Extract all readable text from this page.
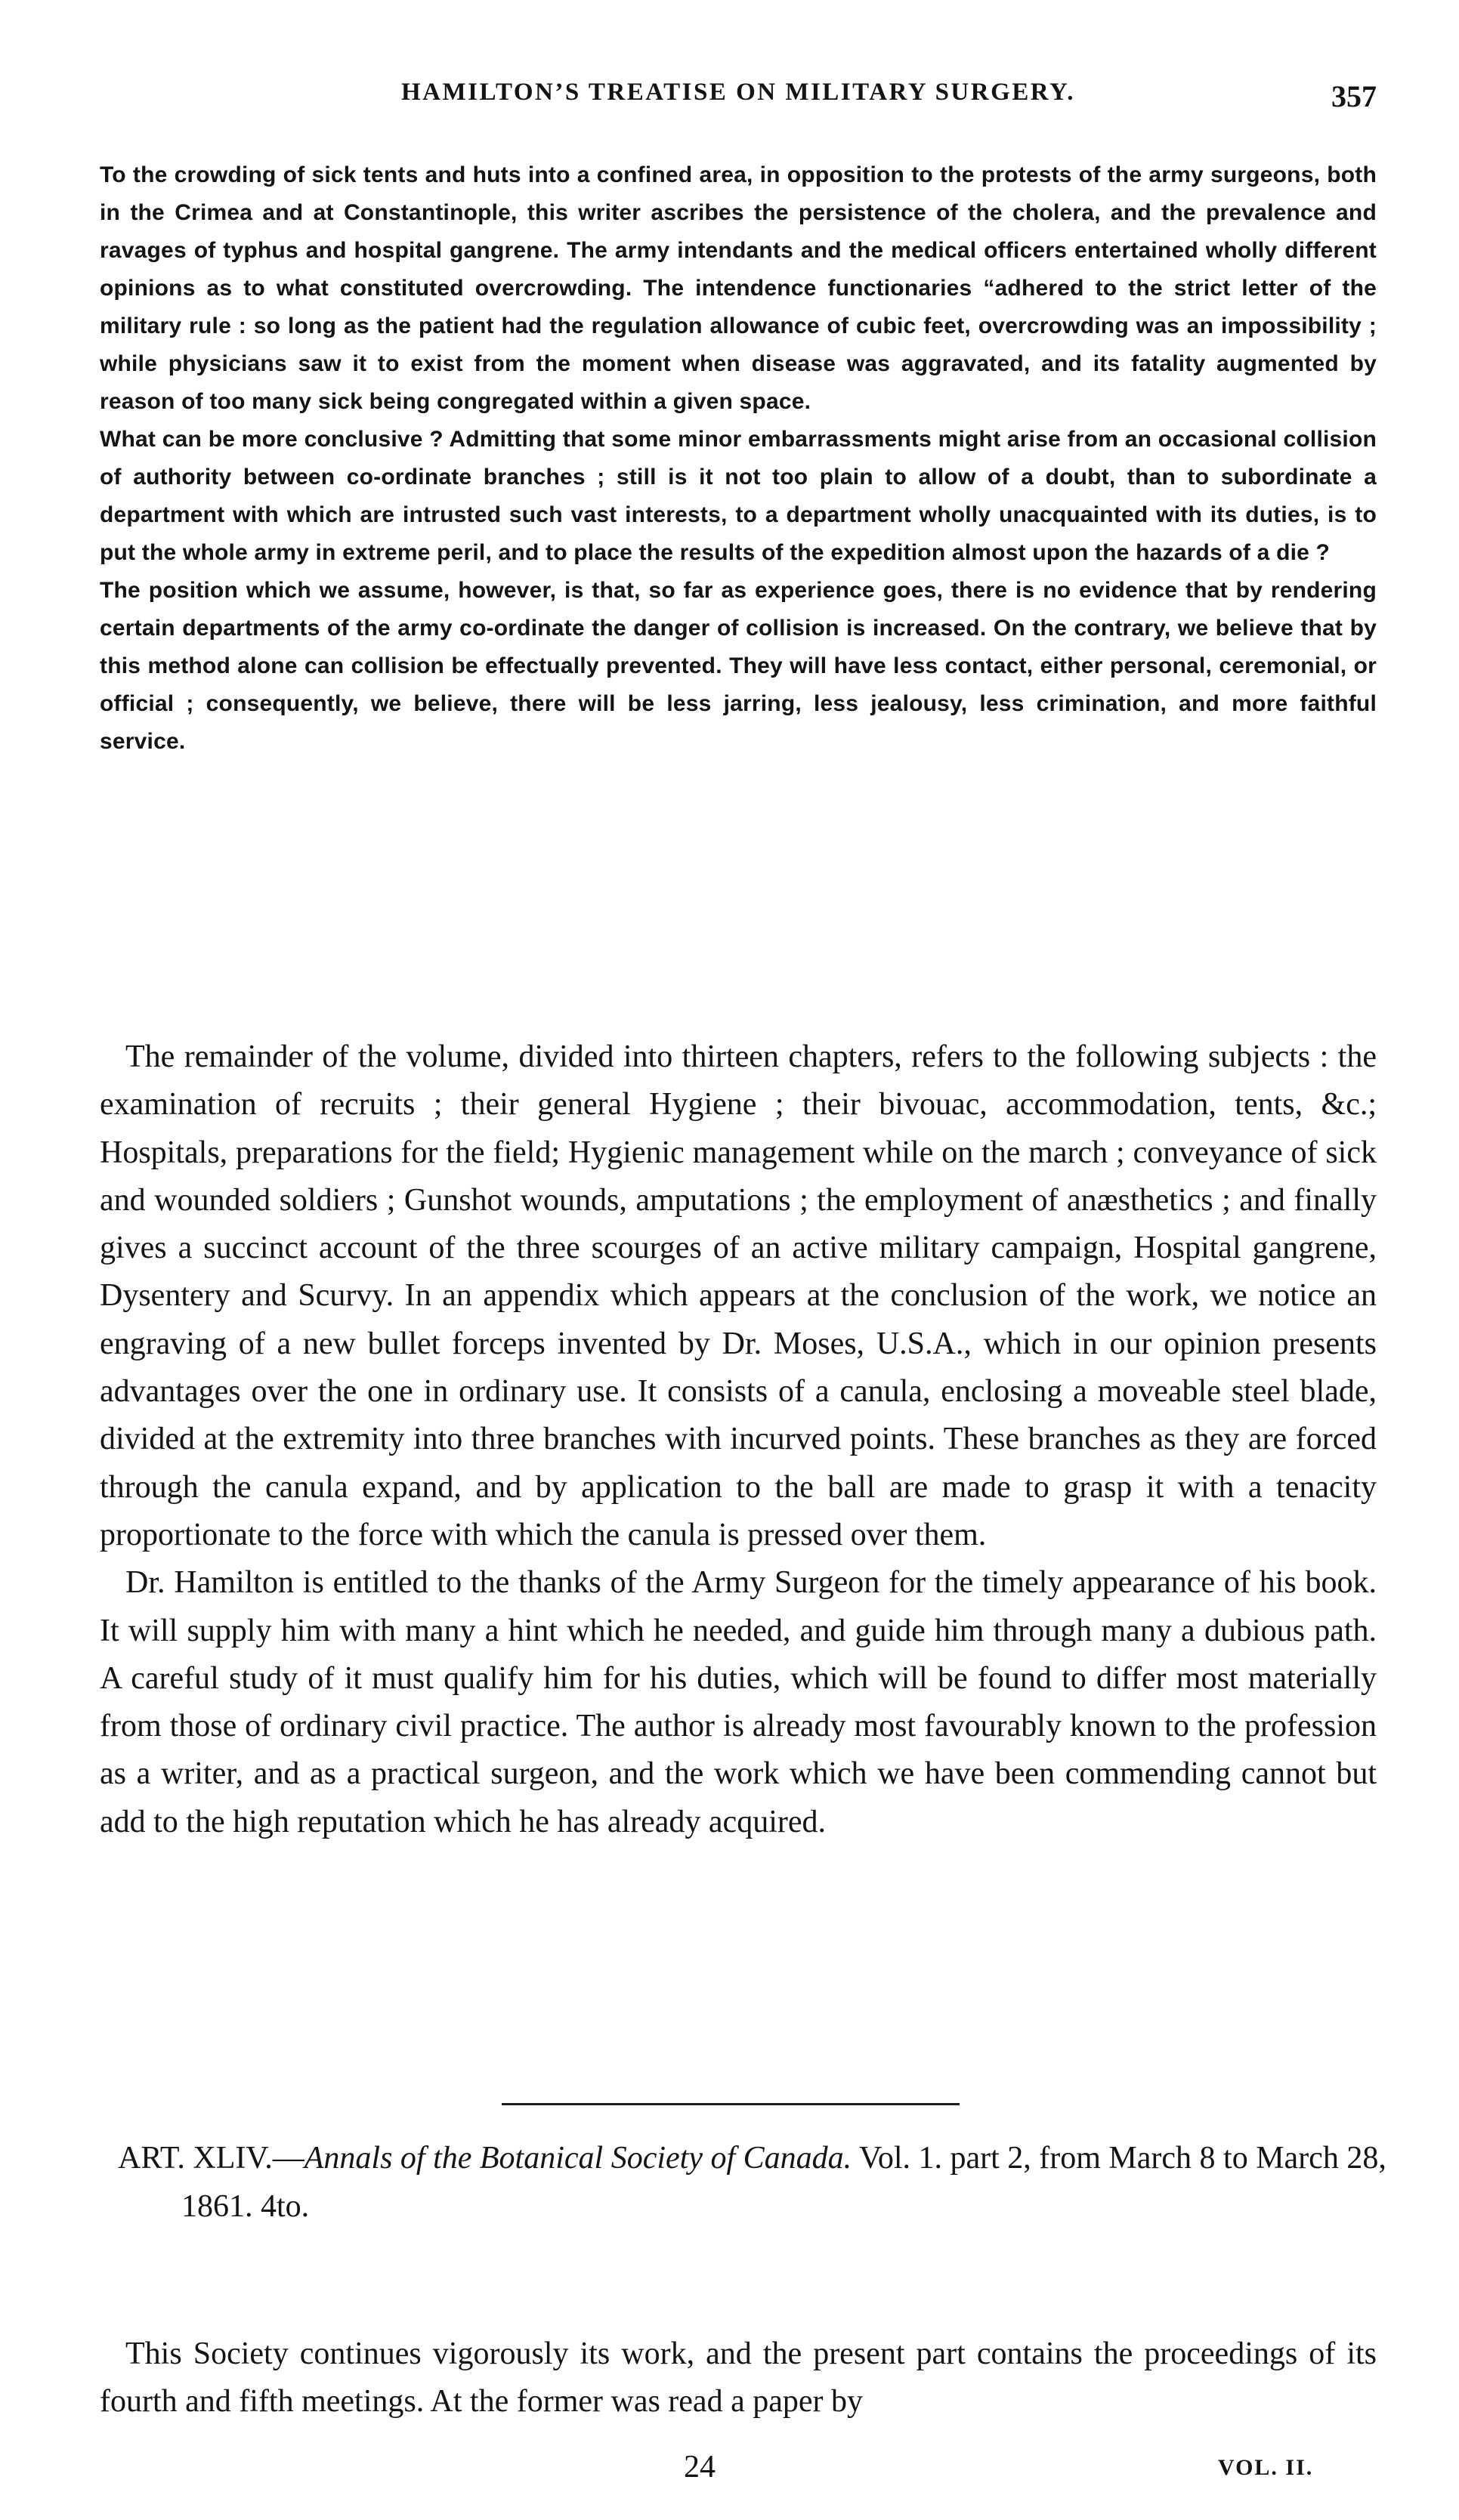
HAMILTON’S TREATISE ON MILITARY SURGERY.	357

To the crowding of sick tents and huts into a confined area, in opposition to the protests of the army surgeons, both in the Crimea and at Constantinople, this writer ascribes the persistence of the cholera, and the prevalence and ravages of typhus and hospital gangrene. The army intendants and the medical officers entertained wholly different opinions as to what constituted overcrowding. The intendence functionaries “adhered to the strict letter of the military rule : so long as the patient had the regulation allowance of cubic feet, overcrowding was an impossibility ; while physicians saw it to exist from the moment when disease was aggravated, and its fatality augmented by reason of too many sick being congregated within a given space.

What can be more conclusive ? Admitting that some minor embarrassments might arise from an occasional collision of authority between co-ordinate branches ; still is it not too plain to allow of a doubt, than to subordinate a department with which are intrusted such vast interests, to a department wholly unacquainted with its duties, is to put the whole army in extreme peril, and to place the results of the expedition almost upon the hazards of a die ?

The position which we assume, however, is that, so far as experience goes, there is no evidence that by rendering certain departments of the army co-ordinate the danger of collision is increased. On the contrary, we believe that by this method alone can collision be effectually prevented. They will have less contact, either personal, ceremonial, or official ; consequently, we believe, there will be less jarring, less jealousy, less crimination, and more faithful service.

The remainder of the volume, divided into thirteen chapters, refers to the following subjects : the examination of recruits ; their general Hygiene ; their bivouac, accommodation, tents, &c.; Hospitals, preparations for the field; Hygienic management while on the march ; conveyance of sick and wounded soldiers ; Gunshot wounds, amputations ; the employment of anæsthetics ; and finally gives a succinct account of the three scourges of an active military campaign, Hospital gangrene, Dysentery and Scurvy. In an appendix which appears at the conclusion of the work, we notice an engraving of a new bullet forceps invented by Dr. Moses, U.S.A., which in our opinion presents advantages over the one in ordinary use. It consists of a canula, enclosing a moveable steel blade, divided at the extremity into three branches with incurved points. These branches as they are forced through the canula expand, and by application to the ball are made to grasp it with a tenacity proportionate to the force with which the canula is pressed over them.

Dr. Hamilton is entitled to the thanks of the Army Surgeon for the timely appearance of his book. It will supply him with many a hint which he needed, and guide him through many a dubious path. A careful study of it must qualify him for his duties, which will be found to differ most materially from those of ordinary civil practice. The author is already most favourably known to the profession as a writer, and as a practical surgeon, and the work which we have been commending cannot but add to the high reputation which he has already acquired.

ART. XLIV.—Annals of the Botanical Society of Canada. Vol. 1. part 2, from March 8 to March 28, 1861. 4to.

This Society continues vigorously its work, and the present part contains the proceedings of its fourth and fifth meetings. At the former was read a paper by

24	VOL. II.
